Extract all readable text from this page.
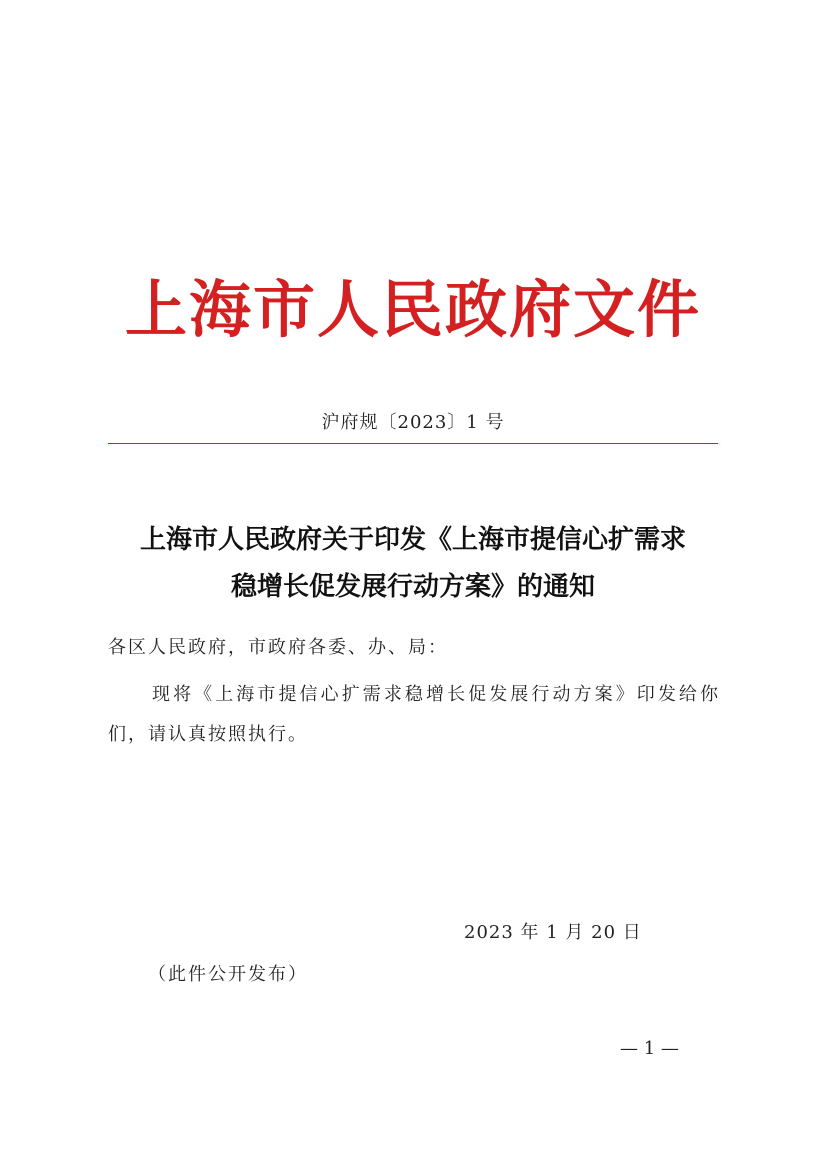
上海市人民政府文件
沪府规〔2023〕1 号
上海市人民政府关于印发《上海市提信心扩需求
稳增长促发展行动方案》的通知
各区人民政府，市政府各委、办、局：

现将《上海市提信心扩需求稳增长促发展行动方案》印发给你们，请认真按照执行。

2023 年 1 月 20 日
（此件公开发布）
— 1 —
